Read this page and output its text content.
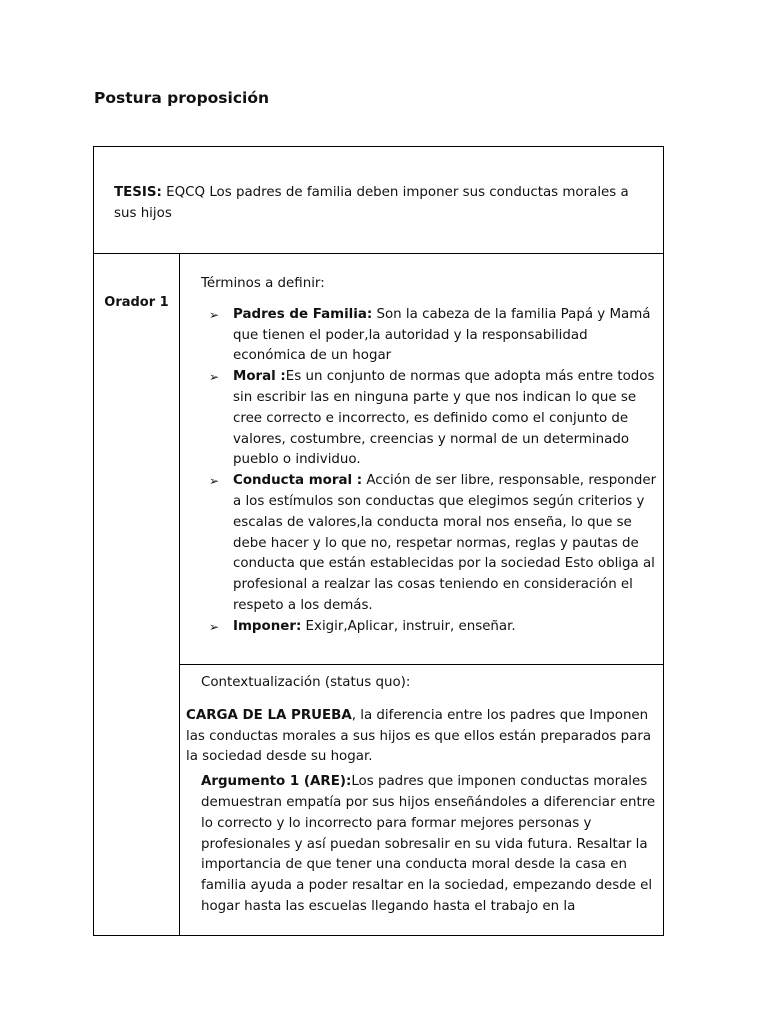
Postura proposición
TESIS: EQCQ Los padres de familia deben imponer sus conductas morales a sus hijos

Orador 1

Términos a definir:
➢ Padres de Familia: Son la cabeza de la familia Papá y Mamá que tienen el poder,la autoridad y la responsabilidad económica de un hogar
➢ Moral :Es un conjunto de normas que adopta más entre todos sin escribir las en ninguna parte y que nos indican lo que se cree correcto e incorrecto, es definido como el conjunto de valores, costumbre, creencias y normal de un determinado pueblo o individuo.
➢ Conducta moral : Acción de ser libre, responsable, responder a los estímulos son conductas que elegimos según criterios y escalas de valores,la conducta moral nos enseña, lo que se debe hacer y lo que no, respetar normas, reglas y pautas de conducta que están establecidas por la sociedad Esto obliga al profesional a realzar las cosas teniendo en consideración el respeto a los demás.
➢ Imponer: Exigir,Aplicar, instruir, enseñar.

Contextualización (status quo):
CARGA DE LA PRUEBA, la diferencia entre los padres que Imponen las conductas morales a sus hijos es que ellos están preparados para la sociedad desde su hogar.
Argumento 1 (ARE):Los padres que imponen conductas morales demuestran empatía por sus hijos enseñándoles a diferenciar entre lo correcto y lo incorrecto para formar mejores personas y profesionales y así puedan sobresalir en su vida futura. Resaltar la importancia de que tener una conducta moral desde la casa en familia ayuda a poder resaltar en la sociedad, empezando desde el hogar hasta las escuelas llegando hasta el trabajo en la
